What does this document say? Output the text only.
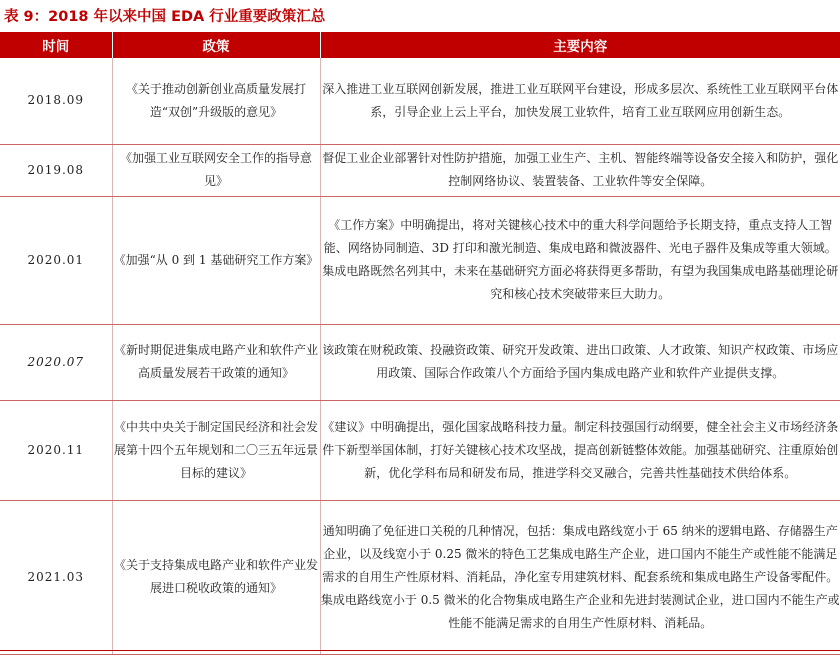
表 9：2018 年以来中国 EDA 行业重要政策汇总
时间	政策	主要内容
2018.09	《关于推动创新创业高质量发展打造“双创”升级版的意见》	深入推进工业互联网创新发展，推进工业互联网平台建设，形成多层次、系统性工业互联网平台体系，引导企业上云上平台，加快发展工业软件，培育工业互联网应用创新生态。
2019.08	《加强工业互联网安全工作的指导意见》	督促工业企业部署针对性防护措施，加强工业生产、主机、智能终端等设备安全接入和防护，强化控制网络协议、装置装备、工业软件等安全保障。
2020.01	《加强“从 0 到 1 基础研究工作方案》	《工作方案》中明确提出，将对关键核心技术中的重大科学问题给予长期支持，重点支持人工智能、网络协同制造、3D 打印和激光制造、集成电路和微波器件、光电子器件及集成等重大领域。集成电路既然名列其中，未来在基础研究方面必将获得更多帮助，有望为我国集成电路基础理论研究和核心技术突破带来巨大助力。
2020.07	《新时期促进集成电路产业和软件产业高质量发展若干政策的通知》	该政策在财税政策、投融资政策、研究开发政策、进出口政策、人才政策、知识产权政策、市场应用政策、国际合作政策八个方面给予国内集成电路产业和软件产业提供支撑。
2020.11	《中共中央关于制定国民经济和社会发展第十四个五年规划和二〇三五年远景目标的建议》	《建议》中明确提出，强化国家战略科技力量。制定科技强国行动纲要，健全社会主义市场经济条件下新型举国体制，打好关键核心技术攻坚战，提高创新链整体效能。加强基础研究、注重原始创新，优化学科布局和研发布局，推进学科交叉融合，完善共性基础技术供给体系。
2021.03	《关于支持集成电路产业和软件产业发展进口税收政策的通知》	通知明确了免征进口关税的几种情况，包括：集成电路线宽小于 65 纳米的逻辑电路、存储器生产企业，以及线宽小于 0.25 微米的特色工艺集成电路生产企业，进口国内不能生产或性能不能满足需求的自用生产性原材料、消耗品，净化室专用建筑材料、配套系统和集成电路生产设备零配件。集成电路线宽小于 0.5 微米的化合物集成电路生产企业和先进封装测试企业，进口国内不能生产或性能不能满足需求的自用生产性原材料、消耗品。
